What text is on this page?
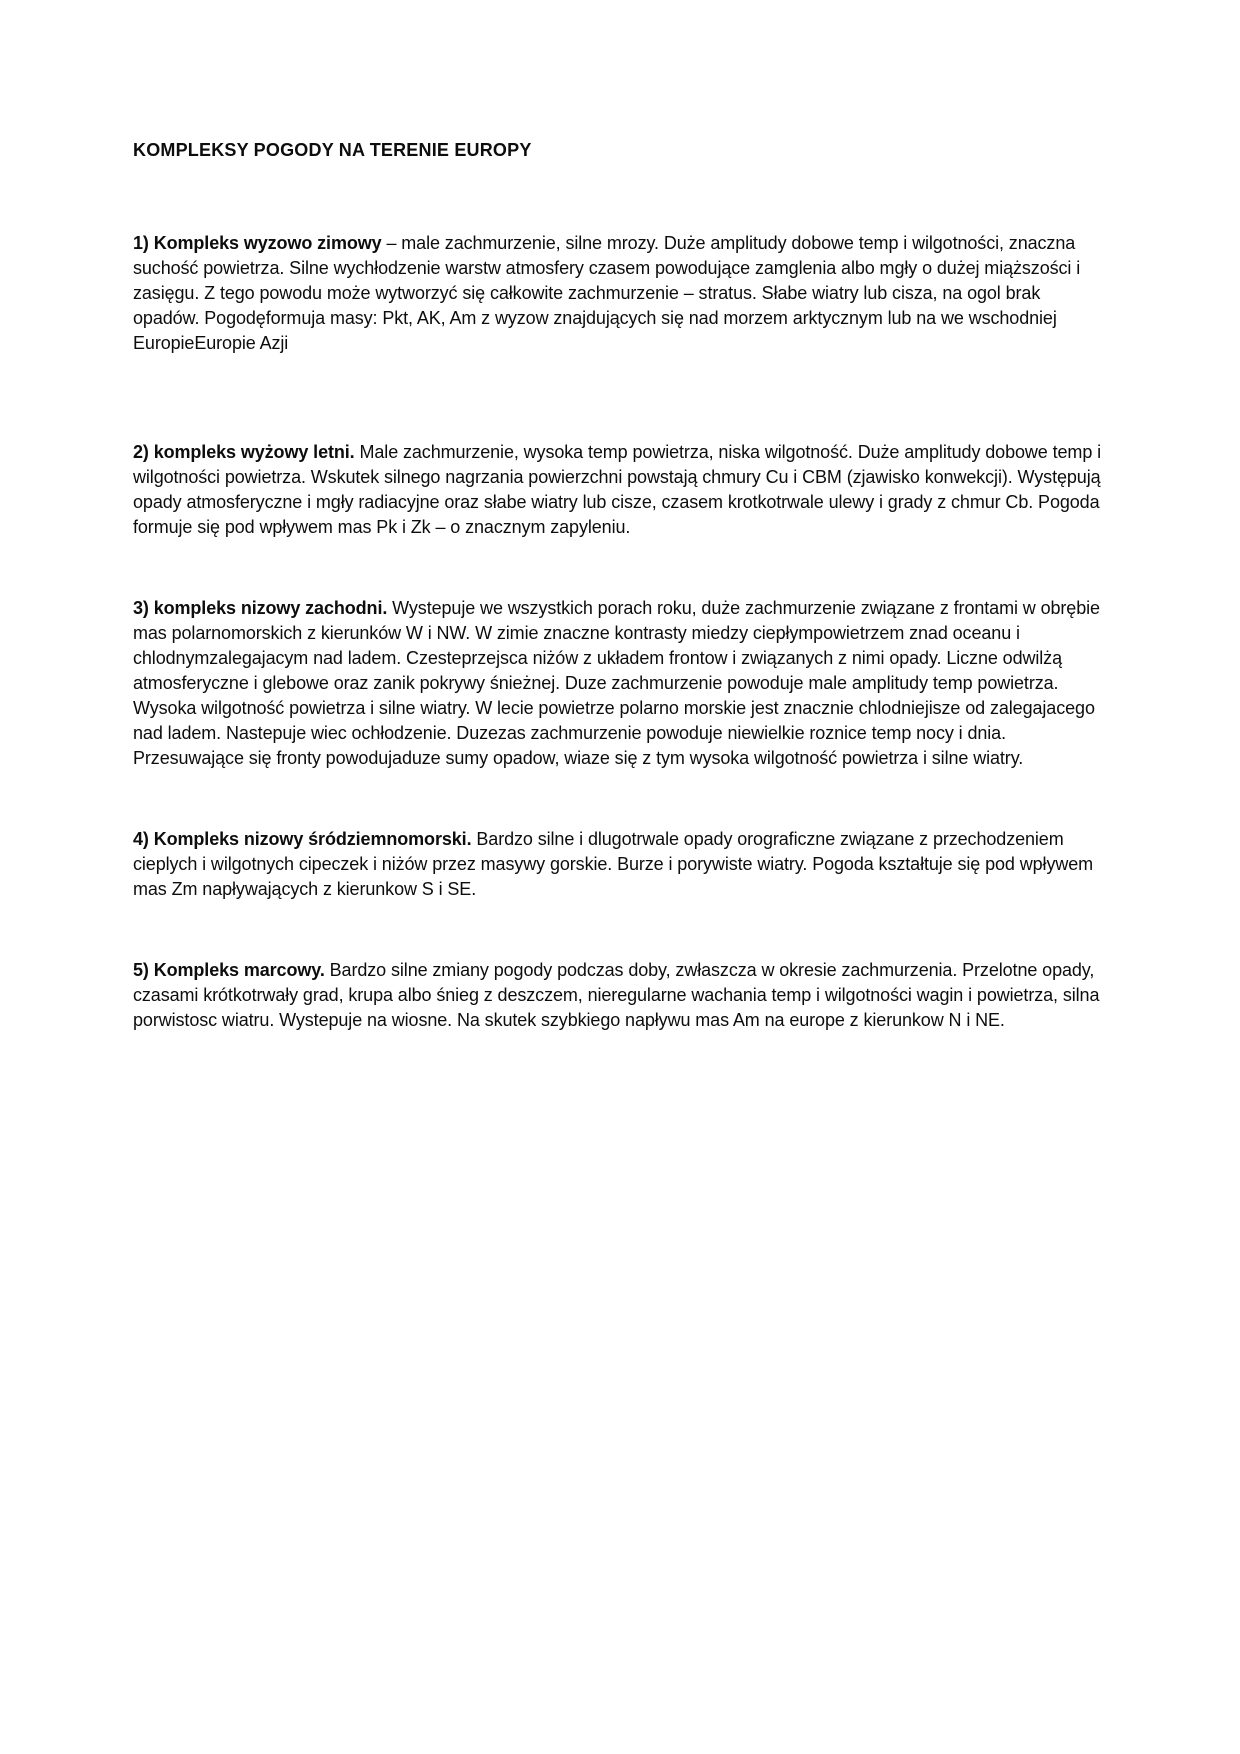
KOMPLEKSY POGODY NA TERENIE EUROPY

1) Kompleks wyzowo zimowy – male zachmurzenie, silne mrozy. Duże amplitudy dobowe temp i wilgotności, znaczna suchość powietrza. Silne wychłodzenie warstw atmosfery czasem powodujące zamglenia albo mgły o dużej miąższości i zasięgu. Z tego powodu może wytworzyć się całkowite zachmurzenie – stratus. Słabe wiatry lub cisza, na ogol brak opadów. Pogodęformuja masy: Pkt, AK, Am z wyzow znajdujących się nad morzem arktycznym lub na we wschodniej EuropieEuropie Azji

2) kompleks wyżowy letni. Male zachmurzenie, wysoka temp powietrza, niska wilgotność. Duże amplitudy dobowe temp i wilgotności powietrza. Wskutek silnego nagrzania powierzchni powstają chmury Cu i CBM (zjawisko konwekcji). Występują opady atmosferyczne i mgły radiacyjne oraz słabe wiatry lub cisze, czasem krotkotrwale ulewy i grady z chmur Cb. Pogoda formuje się pod wpływem mas Pk i Zk – o znacznym zapyleniu.

3) kompleks nizowy zachodni. Wystepuje we wszystkich porach roku, duże zachmurzenie związane z frontami w obrębie mas polarnomorskich z kierunków W i NW. W zimie znaczne kontrasty miedzy ciepłympowietrzem znad oceanu i chlodnymzalegajacym nad ladem. Czesteprzejsca niżów z układem frontow i związanych z nimi opady. Liczne odwilżą atmosferyczne i glebowe oraz zanik pokrywy śnieżnej. Duze zachmurzenie powoduje male amplitudy temp powietrza. Wysoka wilgotność powietrza i silne wiatry. W lecie powietrze polarno morskie jest znacznie chlodniejisze od zalegajacego nad ladem. Nastepuje wiec ochłodzenie. Duzezas zachmurzenie powoduje niewielkie roznice temp nocy i dnia. Przesuwające się fronty powodujaduze sumy opadow, wiaze się z tym wysoka wilgotność powietrza i silne wiatry.

4) Kompleks nizowy śródziemnomorski. Bardzo silne i dlugotrwale opady orograficzne związane z przechodzeniem cieplych i wilgotnych cipeczek i niżów przez masywy gorskie. Burze i porywiste wiatry. Pogoda kształtuje się pod wpływem mas Zm napływających z kierunkow S i SE.

5) Kompleks marcowy. Bardzo silne zmiany pogody podczas doby, zwłaszcza w okresie zachmurzenia. Przelotne opady, czasami krótkotrwały grad, krupa albo śnieg z deszczem, nieregularne wachania temp i wilgotności wagin i powietrza, silna porwistosc wiatru. Wystepuje na wiosne. Na skutek szybkiego napływu mas Am na europe z kierunkow N i NE.
